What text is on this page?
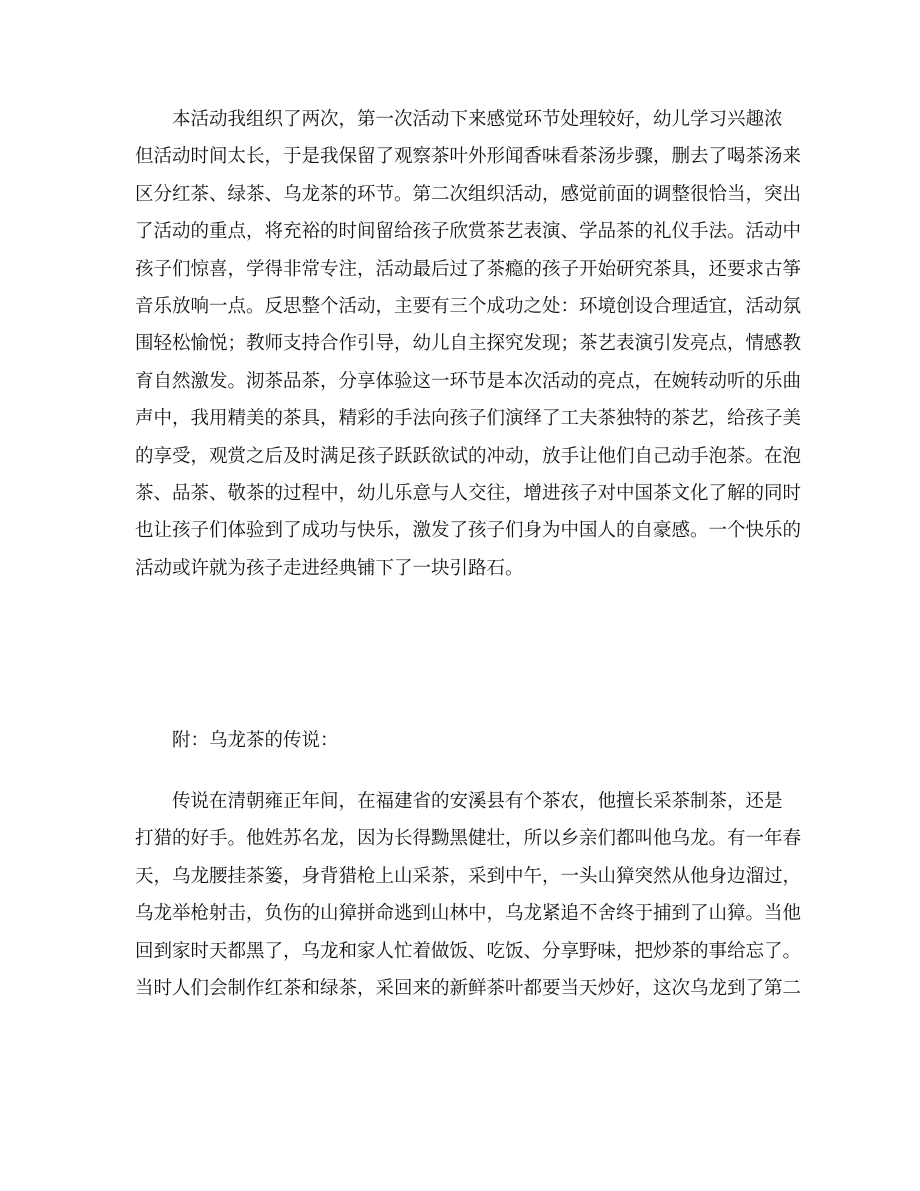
本活动我组织了两次，第一次活动下来感觉环节处理较好，幼儿学习兴趣浓
但活动时间太长，于是我保留了观察茶叶外形闻香味看茶汤步骤，删去了喝茶汤来
区分红茶、绿茶、乌龙茶的环节。第二次组织活动，感觉前面的调整很恰当，突出
了活动的重点，将充裕的时间留给孩子欣赏茶艺表演、学品茶的礼仪手法。活动中
孩子们惊喜，学得非常专注，活动最后过了茶瘾的孩子开始研究茶具，还要求古筝
音乐放响一点。反思整个活动，主要有三个成功之处：环境创设合理适宜，活动氛
围轻松愉悦；教师支持合作引导，幼儿自主探究发现；茶艺表演引发亮点，情感教
育自然激发。沏茶品茶，分享体验这一环节是本次活动的亮点，在婉转动听的乐曲
声中，我用精美的茶具，精彩的手法向孩子们演绎了工夫茶独特的茶艺，给孩子美
的享受，观赏之后及时满足孩子跃跃欲试的冲动，放手让他们自己动手泡茶。在泡
茶、品茶、敬茶的过程中，幼儿乐意与人交往，增进孩子对中国茶文化了解的同时
也让孩子们体验到了成功与快乐，激发了孩子们身为中国人的自豪感。一个快乐的
活动或许就为孩子走进经典铺下了一块引路石。
附：乌龙茶的传说：
传说在清朝雍正年间，在福建省的安溪县有个茶农，他擅长采茶制茶，还是
打猎的好手。他姓苏名龙，因为长得黝黑健壮，所以乡亲们都叫他乌龙。有一年春
天，乌龙腰挂茶篓，身背猎枪上山采茶，采到中午，一头山獐突然从他身边溜过，
乌龙举枪射击，负伤的山獐拼命逃到山林中，乌龙紧追不舍终于捕到了山獐。当他
回到家时天都黑了，乌龙和家人忙着做饭、吃饭、分享野味，把炒茶的事给忘了。
当时人们会制作红茶和绿茶，采回来的新鲜茶叶都要当天炒好，这次乌龙到了第二
